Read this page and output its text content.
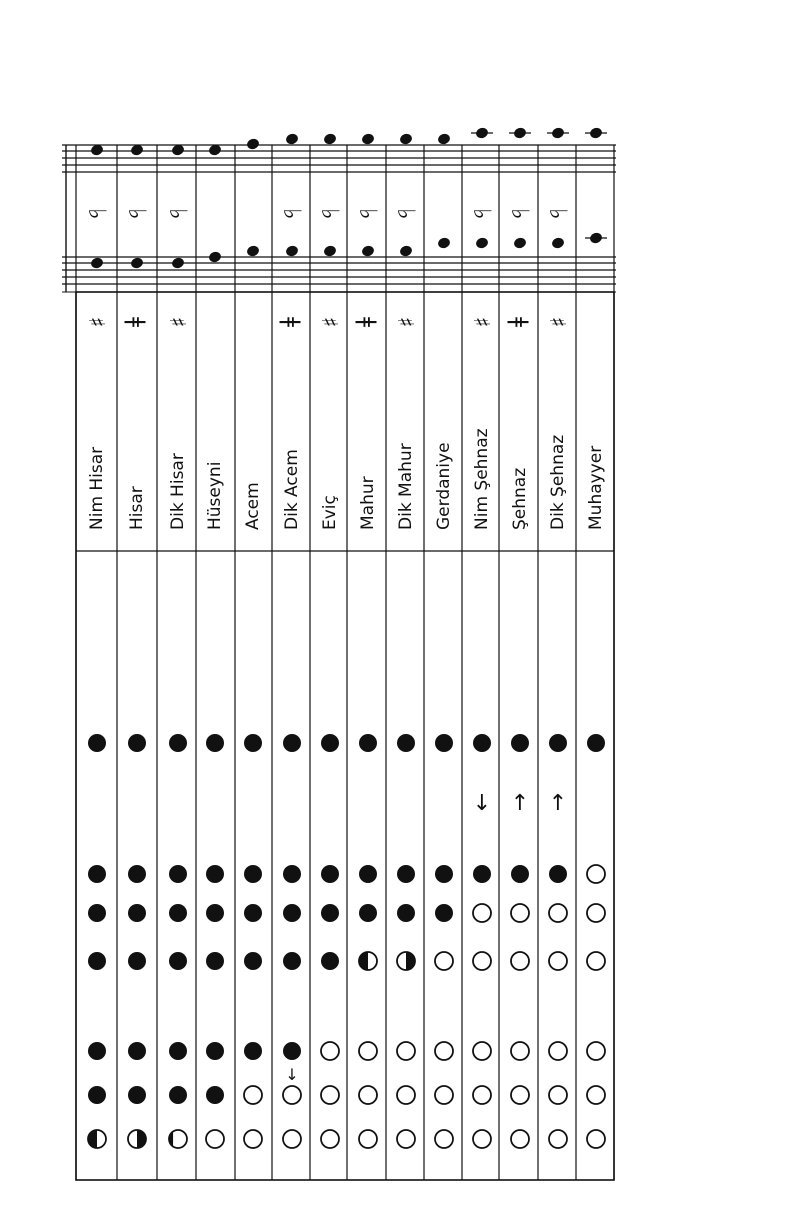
♭
♯
♭
ǂ
♭
♯
♭
ǂ
↓
♭
♯
♭
ǂ
♭
♯
♭
♯
↓
♭
ǂ
↑
♭
♯
↑
Nim Hisar Hisar Dik Hisar Hüseyni Acem Dik Acem Eviç Mahur Dik Mahur Gerdaniye Nim Şehnaz Şehnaz Dik Şehnaz Muhayyer
